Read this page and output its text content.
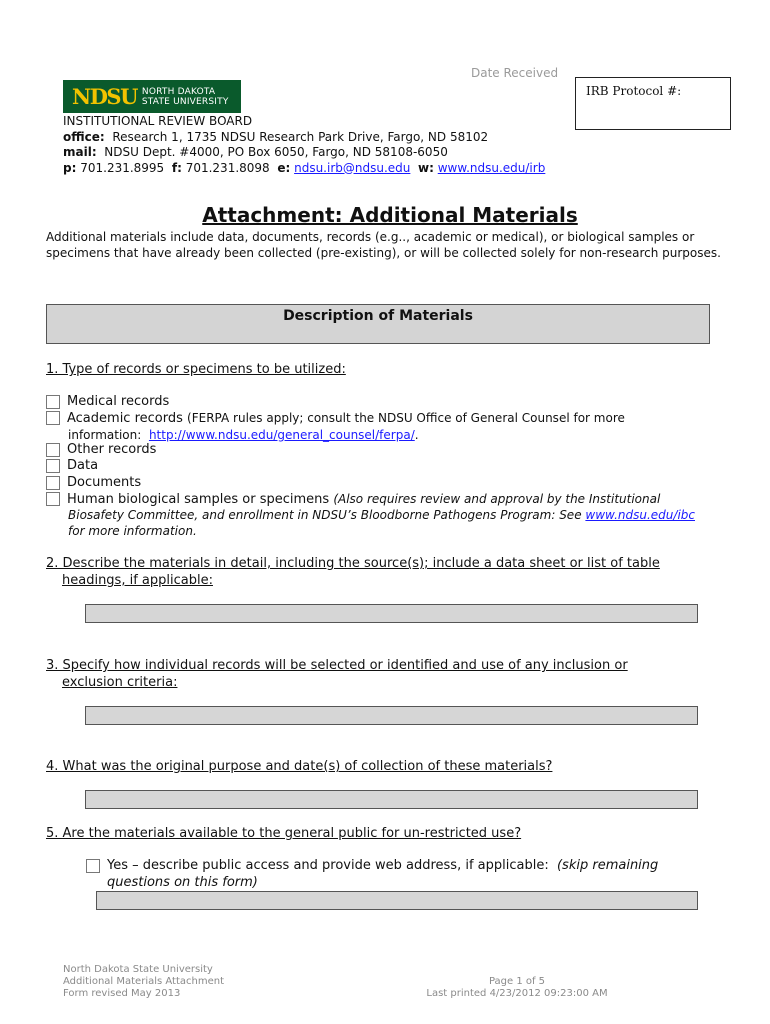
Date Received
IRB Protocol #:
NDSU NORTH DAKOTA
STATE UNIVERSITY
INSTITUTIONAL REVIEW BOARD
office: Research 1, 1735 NDSU Research Park Drive, Fargo, ND 58102
mail: NDSU Dept. #4000, PO Box 6050, Fargo, ND 58108-6050
p: 701.231.8995 f: 701.231.8098 e: ndsu.irb@ndsu.edu w: www.ndsu.edu/irb
Attachment: Additional Materials
Additional materials include data, documents, records (e.g.., academic or medical), or biological samples or specimens that have already been collected (pre-existing), or will be collected solely for non-research purposes.
Description of Materials
1. Type of records or specimens to be utilized:
Medical records
Academic records (FERPA rules apply; consult the NDSU Office of General Counsel for more
information: http://www.ndsu.edu/general_counsel/ferpa/.
Other records
Data
Documents
Human biological samples or specimens (Also requires review and approval by the Institutional
Biosafety Committee, and enrollment in NDSU’s Bloodborne Pathogens Program: See www.ndsu.edu/ibc
for more information.
2. Describe the materials in detail, including the source(s); include a data sheet or list of table
headings, if applicable:
3. Specify how individual records will be selected or identified and use of any inclusion or
exclusion criteria:
4. What was the original purpose and date(s) of collection of these materials?
5. Are the materials available to the general public for un-restricted use?
Yes – describe public access and provide web address, if applicable: (skip remaining
questions on this form)
North Dakota State University
Additional Materials Attachment
Form revised May 2013
Page 1 of 5
Last printed 4/23/2012 09:23:00 AM
